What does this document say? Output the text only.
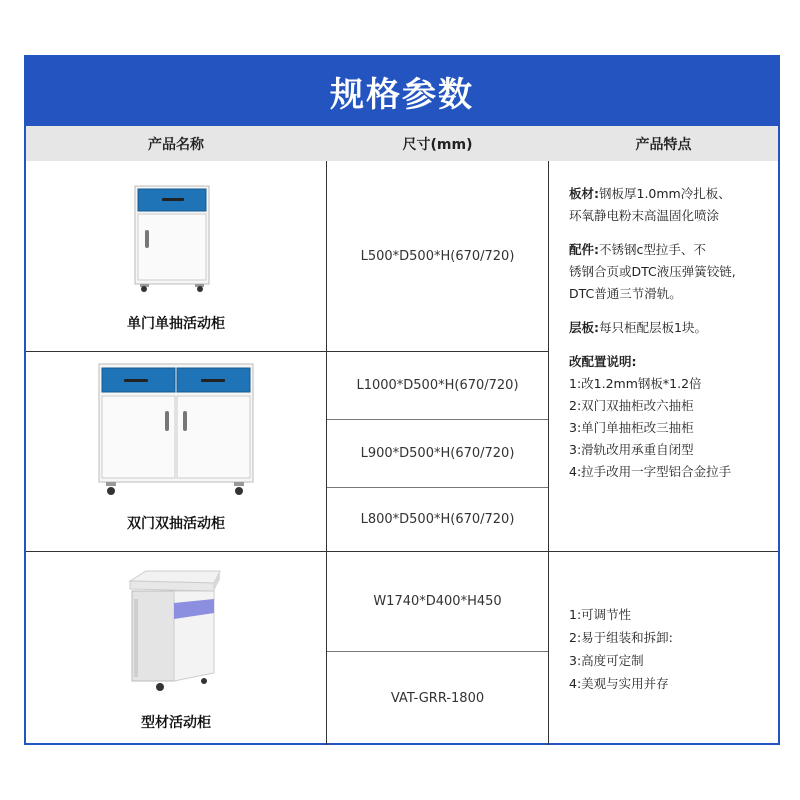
规格参数
产品名称	尺寸(mm)	产品特点
单门单抽活动柜
L500*D500*H(670/720)
双门双抽活动柜
L1000*D500*H(670/720)
L900*D500*H(670/720)
L800*D500*H(670/720)
型材活动柜
W1740*D400*H450
VAT-GRR-1800
板材:钢板厚1.0mm冷扎板、
环氧静电粉末高温固化喷涂
配件:不锈钢c型拉手、不
锈钢合页或DTC液压弹簧铰链,
DTC普通三节滑轨。
层板:每只柜配层板1块。
改配置说明:
1:改1.2mm钢板*1.2倍
2:双门双抽柜改六抽柜
3:单门单抽柜改三抽柜
3:滑轨改用承重自闭型
4:拉手改用一字型铝合金拉手
1:可调节性
2:易于组装和拆卸:
3:高度可定制
4:美观与实用并存
